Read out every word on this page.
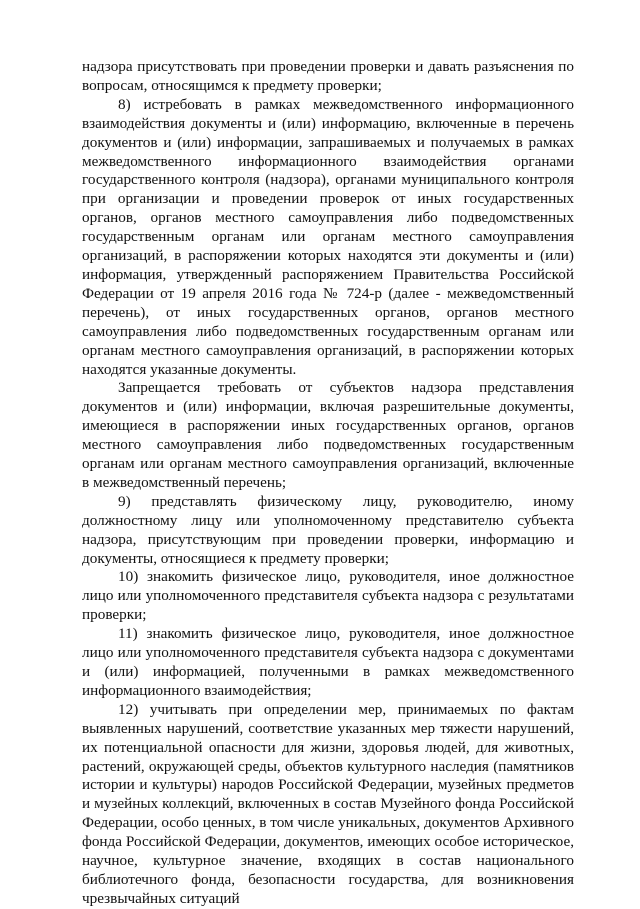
надзора присутствовать при проведении проверки и давать разъяснения по вопросам, относящимся к предмету проверки;

8) истребовать в рамках межведомственного информационного взаимодействия документы и (или) информацию, включенные в перечень документов и (или) информации, запрашиваемых и получаемых в рамках межведомственного информационного взаимодействия органами государственного контроля (надзора), органами муниципального контроля при организации и проведении проверок от иных государственных органов, органов местного самоуправления либо подведомственных государственным органам или органам местного самоуправления организаций, в распоряжении которых находятся эти документы и (или) информация, утвержденный распоряжением Правительства Российской Федерации от 19 апреля 2016 года № 724-р (далее - межведомственный перечень), от иных государственных органов, органов местного самоуправления либо подведомственных государственным органам или органам местного самоуправления организаций, в распоряжении которых находятся указанные документы.

Запрещается требовать от субъектов надзора представления документов и (или) информации, включая разрешительные документы, имеющиеся в распоряжении иных государственных органов, органов местного самоуправления либо подведомственных государственным органам или органам местного самоуправления организаций, включенные в межведомственный перечень;

9) представлять физическому лицу, руководителю, иному должностному лицу или уполномоченному представителю субъекта надзора, присутствующим при проведении проверки, информацию и документы, относящиеся к предмету проверки;

10) знакомить физическое лицо, руководителя, иное должностное лицо или уполномоченного представителя субъекта надзора с результатами проверки;

11) знакомить физическое лицо, руководителя, иное должностное лицо или уполномоченного представителя субъекта надзора с документами и (или) информацией, полученными в рамках межведомственного информационного взаимодействия;

12) учитывать при определении мер, принимаемых по фактам выявленных нарушений, соответствие указанных мер тяжести нарушений, их потенциальной опасности для жизни, здоровья людей, для животных, растений, окружающей среды, объектов культурного наследия (памятников истории и культуры) народов Российской Федерации, музейных предметов и музейных коллекций, включенных в состав Музейного фонда Российской Федерации, особо ценных, в том числе уникальных, документов Архивного фонда Российской Федерации, документов, имеющих особое историческое, научное, культурное значение, входящих в состав национального библиотечного фонда, безопасности государства, для возникновения чрезвычайных ситуаций
